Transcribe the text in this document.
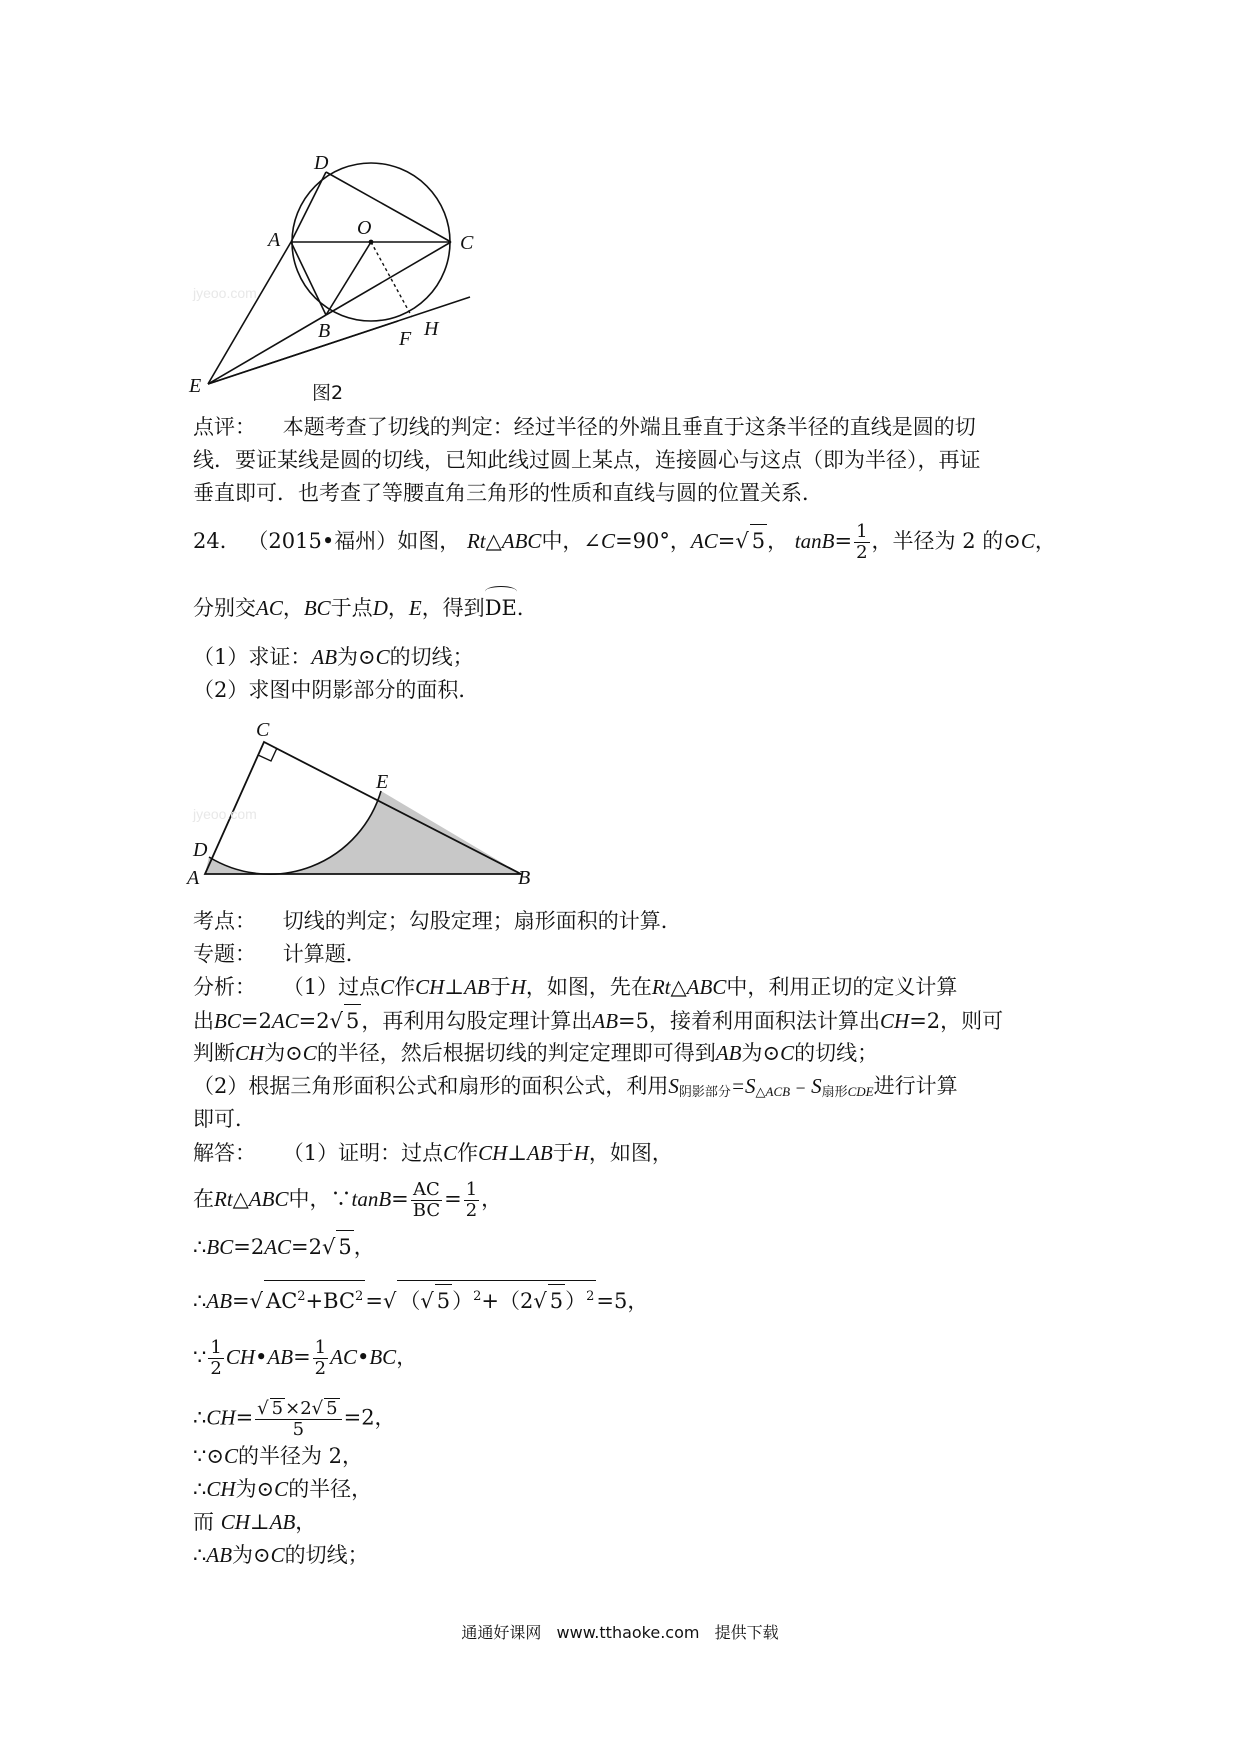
D
A
O
C
B	F H
E	图2
点评： 本题考查了切线的判定：经过半径的外端且垂直于这条半径的直线是圆的切
线．要证某线是圆的切线，已知此线过圆上某点，连接圆心与这点（即为半径），再证
垂直即可．也考查了等腰直角三角形的性质和直线与圆的位置关系．
24． （2015•福州）如图， Rt△ABC中，∠C=90°，AC=√ 5， $\tan B= \frac{1}{2}$ ，半径为 2 的⊙C，
分别交AC，BC于点D，E，得到DE．
（1）求证：AB为⊙C的切线；
（2）求图中阴影部分的面积．
C
E
D
A	B
考点： 切线的判定；勾股定理；扇形面积的计算．
专题： 计算题．
分析： （1）过点C作CH⊥AB于H，如图，先在Rt△ABC中，利用正切的定义计算
出BC=2AC=2√ 5，再利用勾股定理计算出AB=5，接着利用面积法计算出CH=2，则可
判断CH为⊙C的半径，然后根据切线的判定定理即可得到AB为⊙C的切线；
（2）根据三角形面积公式和扇形的面积公式，利用$S_{阴影部分}=S_{\triangle ACB}﹣S_{扇形CDE}$进行计算
即可．
解答： （1）证明：过点C作CH⊥AB于H，如图，
在Rt△ABC中，∵tanB= $\frac{AC}{BC} = \frac{1}{2}$ ，
∴BC=2AC=2√ 5，
∴AB=√ $AC^2+BC^2=√$ （√ 5）$^2$+（2√ 5）$^2$=5，
∵ $\frac{1}{2}$ CH•AB= $\frac{1}{2}$ AC•BC，
∴CH= $\frac{√ 5 \times 2√ 5}{5} =2$，
∵⊙C的半径为 2，
∴CH为⊙C的半径，
而 CH⊥AB，
∴AB为⊙C的切线；
jyeoo.com
jyeoo.com
通通好课网 www.tthaoke.com 提供下载
